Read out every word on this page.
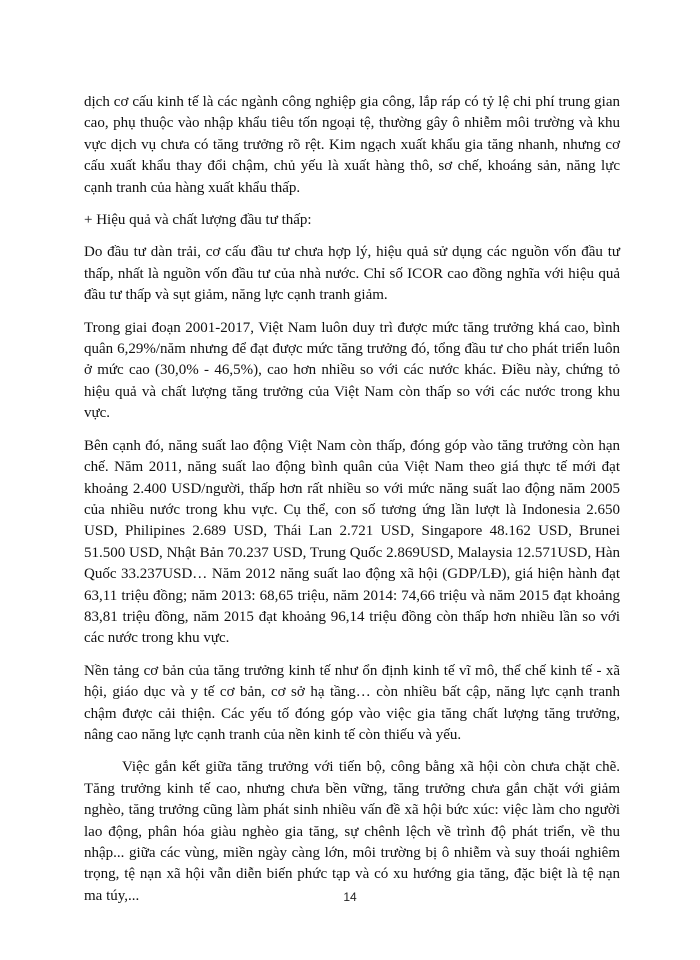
dịch cơ cấu kinh tế là các ngành công nghiệp gia công, lắp ráp có tỷ lệ chi phí trung gian cao, phụ thuộc vào nhập khẩu tiêu tốn ngoại tệ, thường gây ô nhiễm môi trường và khu vực dịch vụ chưa có tăng trưởng rõ rệt. Kim ngạch xuất khẩu gia tăng nhanh, nhưng cơ cấu xuất khẩu thay đổi chậm, chủ yếu là xuất hàng thô, sơ chế, khoáng sản, năng lực cạnh tranh của hàng xuất khẩu thấp.

+ Hiệu quả và chất lượng đầu tư thấp:

Do đầu tư dàn trải, cơ cấu đầu tư chưa hợp lý, hiệu quả sử dụng các nguồn vốn đầu tư thấp, nhất là nguồn vốn đầu tư của nhà nước. Chỉ số ICOR cao đồng nghĩa với hiệu quả đầu tư thấp và sụt giảm, năng lực cạnh tranh giảm.

Trong giai đoạn 2001-2017, Việt Nam luôn duy trì được mức tăng trưởng khá cao, bình quân 6,29%/năm nhưng để đạt được mức tăng trưởng đó, tổng đầu tư cho phát triển luôn ở mức cao (30,0% - 46,5%), cao hơn nhiều so với các nước khác. Điều này, chứng tỏ hiệu quả và chất lượng tăng trưởng của Việt Nam còn thấp so với các nước trong khu vực.

Bên cạnh đó, năng suất lao động Việt Nam còn thấp, đóng góp vào tăng trưởng còn hạn chế. Năm 2011, năng suất lao động bình quân của Việt Nam theo giá thực tế mới đạt khoảng 2.400 USD/người, thấp hơn rất nhiều so với mức năng suất lao động năm 2005 của nhiều nước trong khu vực. Cụ thể, con số tương ứng lần lượt là Indonesia 2.650 USD, Philipines 2.689 USD, Thái Lan 2.721 USD, Singapore 48.162 USD, Brunei 51.500 USD, Nhật Bản 70.237 USD, Trung Quốc 2.869USD, Malaysia 12.571USD, Hàn Quốc 33.237USD… Năm 2012 năng suất lao động xã hội (GDP/LĐ), giá hiện hành đạt 63,11 triệu đồng; năm 2013: 68,65 triệu, năm 2014: 74,66 triệu và năm 2015 đạt khoảng 83,81 triệu đồng, năm 2015 đạt khoảng 96,14 triệu đồng còn thấp hơn nhiều lần so với các nước trong khu vực.

Nền tảng cơ bản của tăng trưởng kinh tế như ổn định kinh tế vĩ mô, thể chế kinh tế - xã hội, giáo dục và y tế cơ bản, cơ sở hạ tầng… còn nhiều bất cập, năng lực cạnh tranh chậm được cải thiện. Các yếu tố đóng góp vào việc gia tăng chất lượng tăng trưởng, nâng cao năng lực cạnh tranh của nền kinh tế còn thiếu và yếu.

Việc gắn kết giữa tăng trưởng với tiến bộ, công bằng xã hội còn chưa chặt chẽ. Tăng trưởng kinh tế cao, nhưng chưa bền vững, tăng trưởng chưa gắn chặt với giảm nghèo, tăng trưởng cũng làm phát sinh nhiều vấn đề xã hội bức xúc: việc làm cho người lao động, phân hóa giàu nghèo gia tăng, sự chênh lệch về trình độ phát triển, về thu nhập... giữa các vùng, miền ngày càng lớn, môi trường bị ô nhiễm và suy thoái nghiêm trọng, tệ nạn xã hội vẫn diễn biến phức tạp và có xu hướng gia tăng, đặc biệt là tệ nạn ma túy,...	14
